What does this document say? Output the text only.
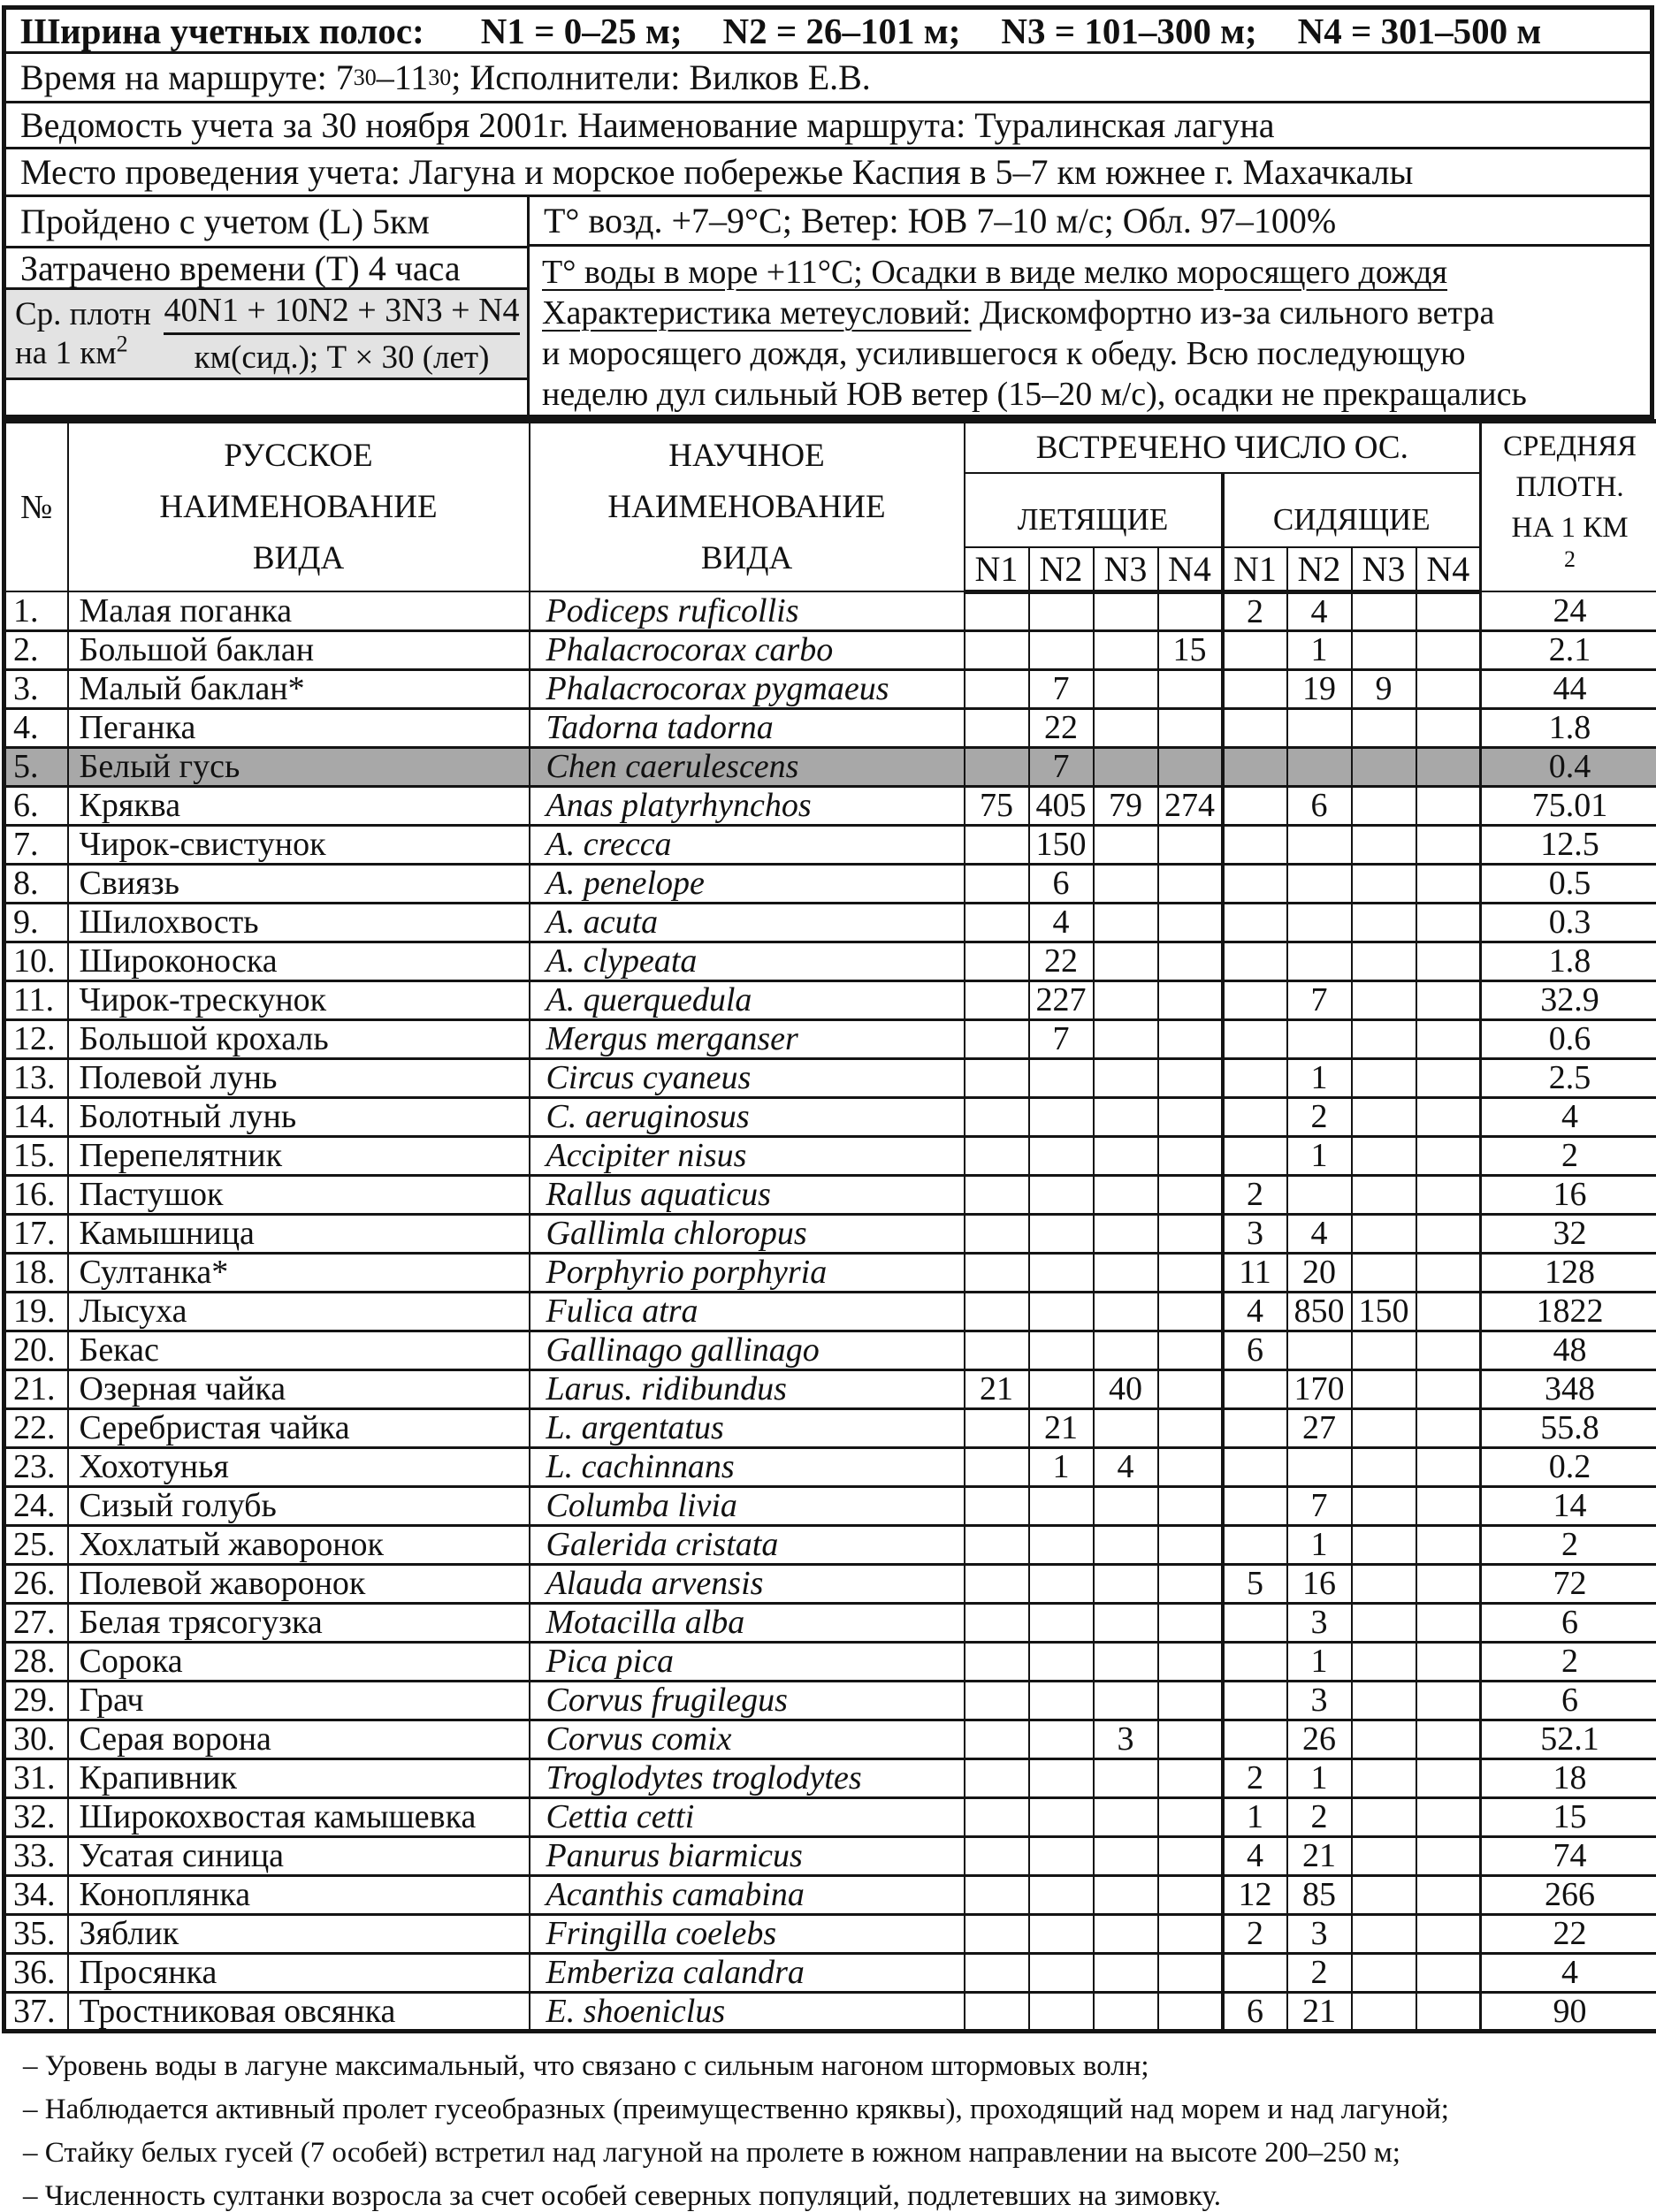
Ширина учетных полос: N1 = 0–25 м; N2 = 26–101 м; N3 = 101–300 м; N4 = 301–500 м
Время на маршруте: 7 30 –11 30 ; Исполнители: Вилков Е.В.
Ведомость учета за 30 ноября 2001г. Наименование маршрута: Туралинская лагуна
Место проведения учета: Лагуна и морское побережье Каспия в 5–7 км южнее г. Махачкалы
Пройдено с учетом (L) 5км
Затрачено времени (Т) 4 часа
Ср. плотн
на 1 $км^2$	$\frac{40N1 + 10N2 + 3N3 + N4}{\text{км(сид.); Т × 30 (лет)}}$
Т° возд. +7–9°С; Ветер: ЮВ 7–10 м/с; Обл. 97–100%
Т° воды в море +11°С; Осадки в виде мелко моросящего дождя
Характеристика метеусловий: Дискомфортно из-за сильного ветра
и моросящего дождя, усилившегося к обеду. Всю последующую
неделю дул сильный ЮВ ветер (15–20 м/с), осадки не прекращались
№	РУССКОЕ
НАИМЕНОВАНИЕ
ВИДА	НАУЧНОЕ
НАИМЕНОВАНИЕ
ВИДА	ВСТРЕЧЕНО ЧИСЛО ОС.								СРЕДНЯЯ
ПЛОТН.
НА 1 КМ
$^2$

			ЛЕТЯЩИЕ				СИДЯЩИЕ				
			N1	N2	N3	N4	N1	N2	N3	N4	
1.	Малая поганка	Podiceps ruficollis					2	4			24
2.	Большой баклан	Phalacrocorax carbo				15		1			2.1
3.	Малый баклан*	Phalacrocorax pygmaeus		7				19	9		44
4.	Пеганка	Tadorna tadorna		22							1.8
5.	Белый гусь	Chen caerulescens		7							0.4
6.	Кряква	Anas platyrhynchos	75	405	79	274		6			75.01
7.	Чирок-свистунок	A. crecca		150							12.5
8.	Свиязь	A. penelope		6							0.5
9.	Шилохвость	A. acuta		4							0.3
10.	Широконоска	A. clypeata		22							1.8
11.	Чирок-трескунок	A. querquedula		227				7			32.9
12.	Большой крохаль	Mergus merganser		7							0.6
13.	Полевой лунь	Circus cyaneus						1			2.5
14.	Болотный лунь	C. aeruginosus						2			4
15.	Перепелятник	Accipiter nisus						1			2
16.	Пастушок	Rallus aquaticus					2				16
17.	Камышница	Gallimla chloropus					3	4			32
18.	Султанка*	Porphyrio porphyria					11	20			128
19.	Лысуха	Fulica atra					4	850	150		1822
20.	Бекас	Gallinago gallinago					6				48
21.	Озерная чайка	Larus. ridibundus	21		40			170			348
22.	Серебристая чайка	L. argentatus		21				27			55.8
23.	Хохотунья	L. cachinnans		1	4						0.2
24.	Сизый голубь	Columba livia						7			14
25.	Хохлатый жаворонок	Galerida cristata						1			2
26.	Полевой жаворонок	Alauda arvensis					5	16			72
27.	Белая трясогузка	Motacilla alba						3			6
28.	Сорока	Pica pica						1			2
29.	Грач	Corvus frugilegus						3			6
30.	Серая ворона	Corvus comix			3			26			52.1
31.	Крапивник	Troglodytes troglodytes					2	1			18
32.	Широкохвостая камышевка	Cettia cetti					1	2			15
33.	Усатая синица	Panurus biarmicus					4	21			74
34.	Коноплянка	Acanthis camabina					12	85			266
35.	Зяблик	Fringilla coelebs					2	3			22
36.	Просянка	Emberiza calandra						2			4
37.	Тростниковая овсянка	E. shoeniclus					6	21			90
– Уровень воды в лагуне максимальный, что связано с сильным нагоном штормовых волн;
– Наблюдается активный пролет гусеобразных (преимущественно кряквы), проходящий над морем и над лагуной;
– Стайку белых гусей (7 особей) встретил над лагуной на пролете в южном направлении на высоте 200–250 м;
– Численность султанки возросла за счет особей северных популяций, подлетевших на зимовку.
